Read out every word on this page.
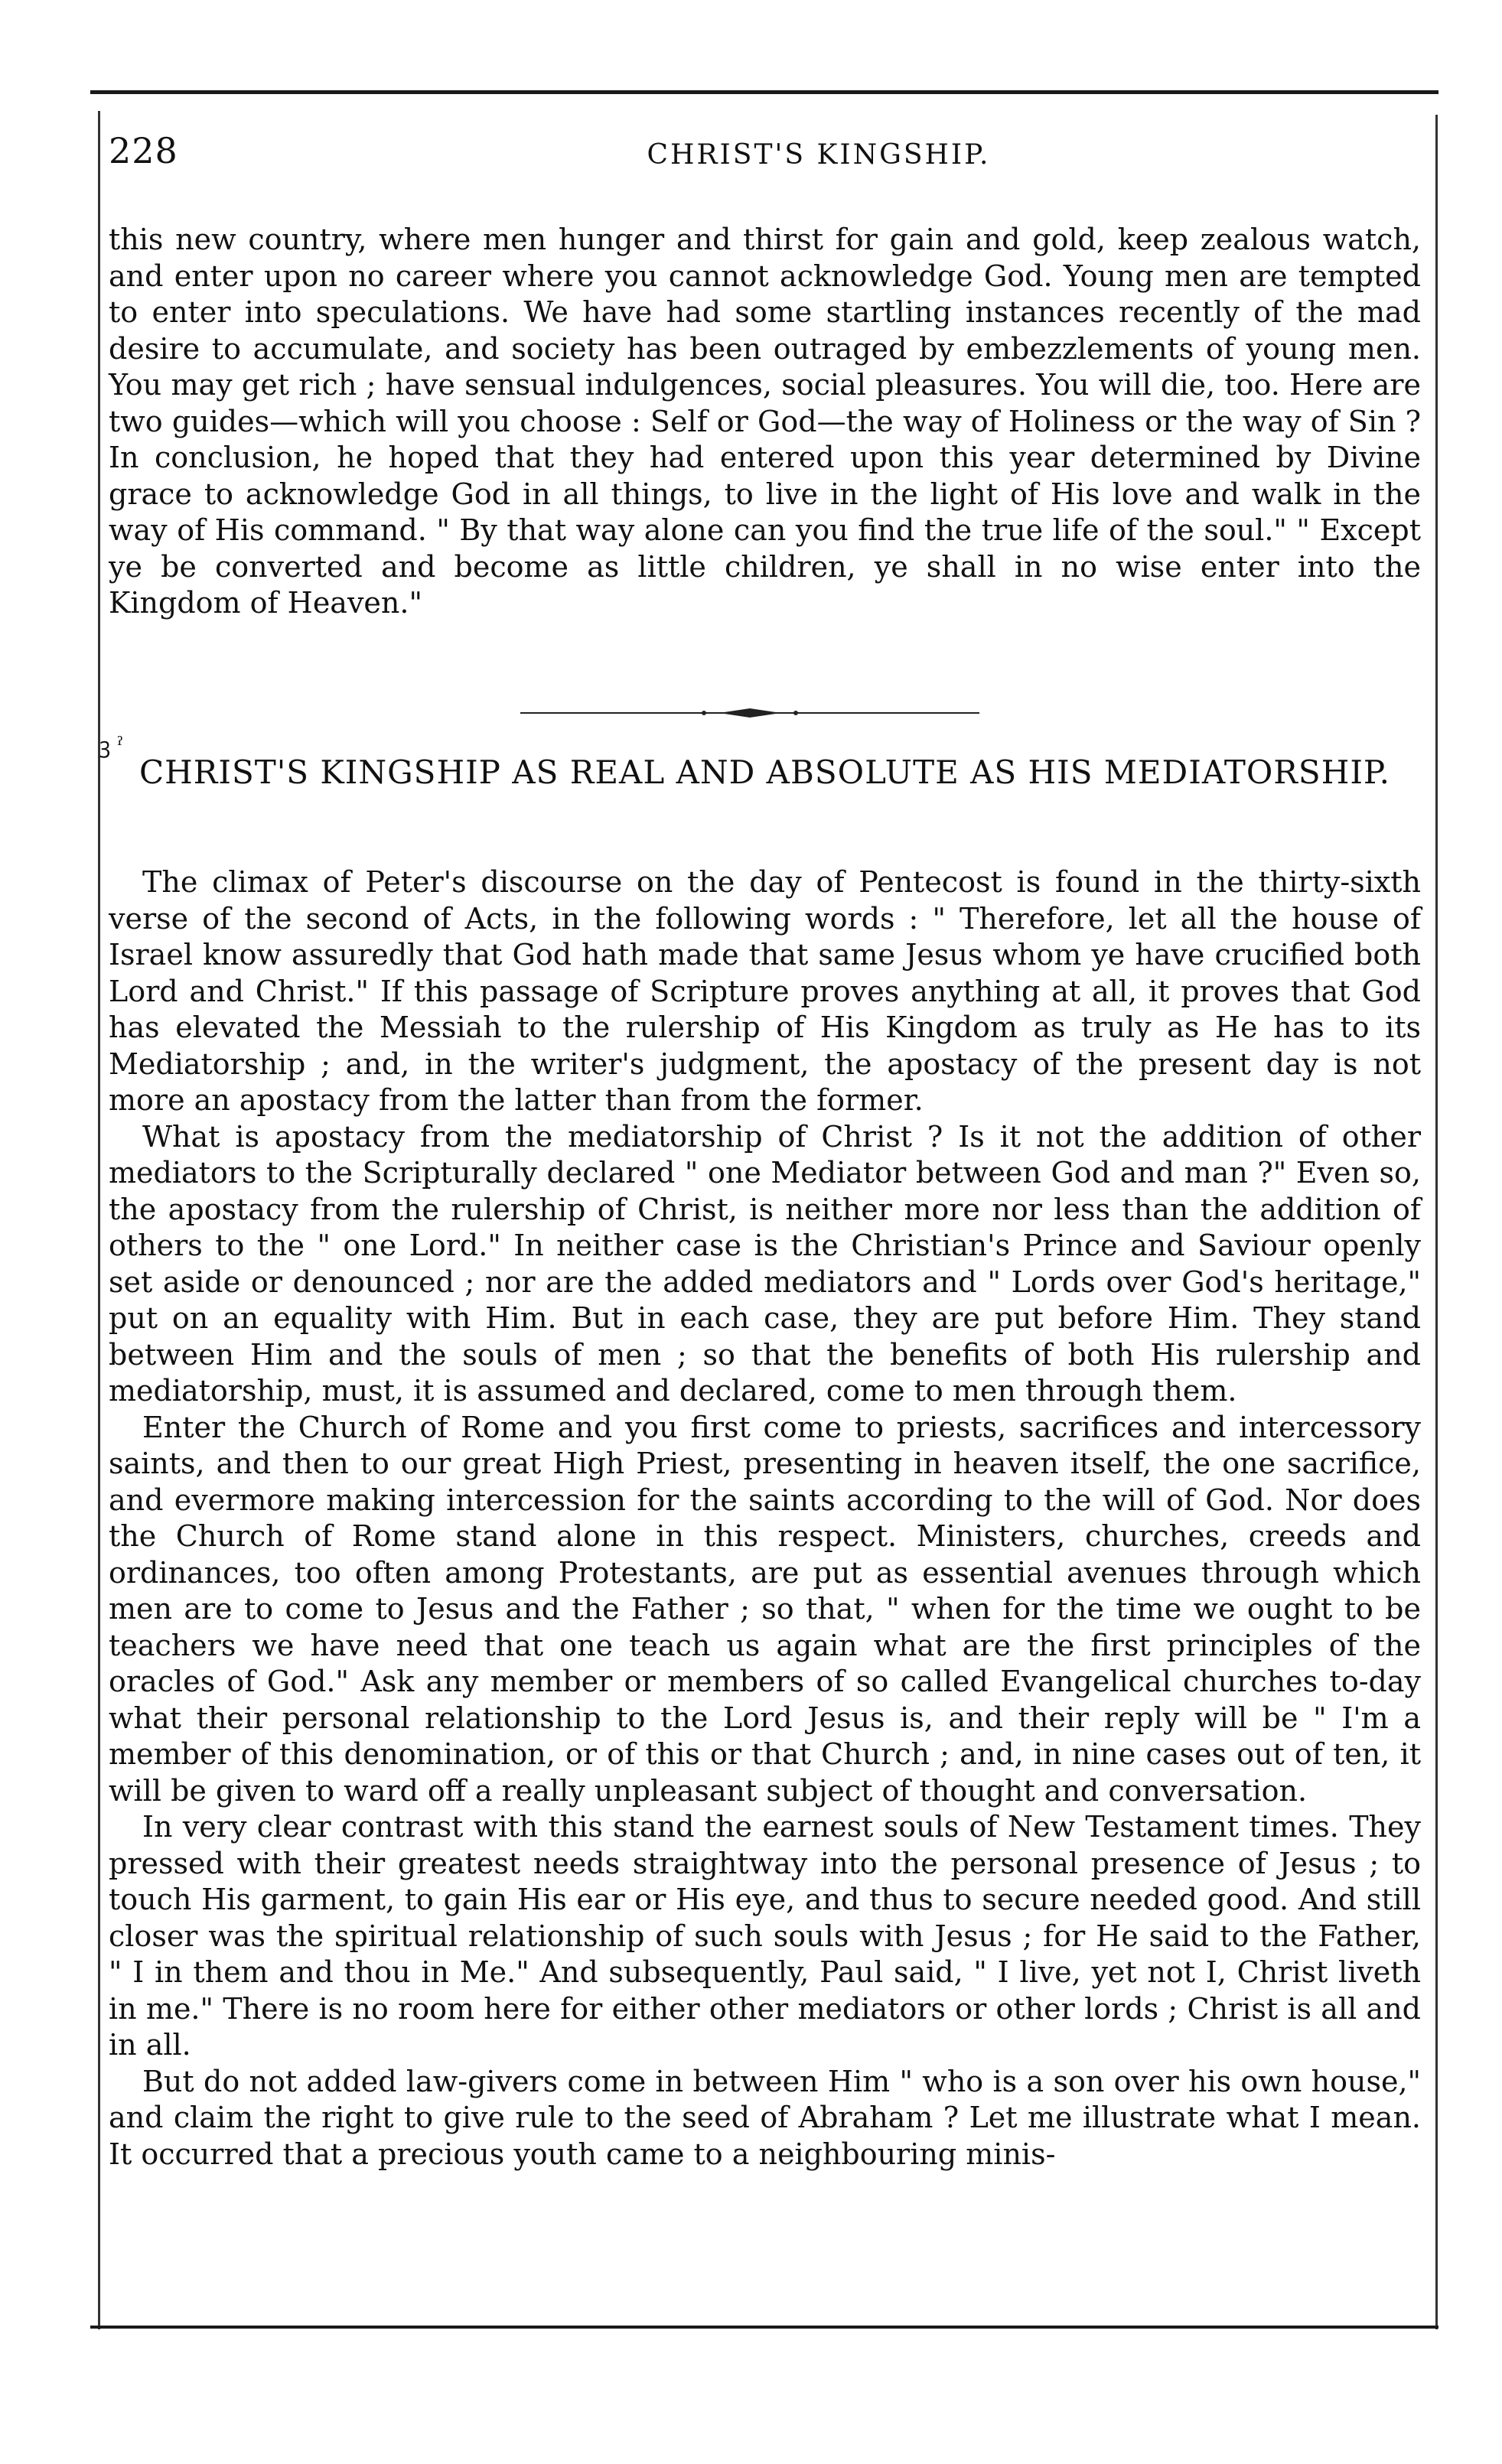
228	CHRIST'S KINGSHIP.

this new country, where men hunger and thirst for gain and gold, keep zealous watch, and enter upon no career where you cannot acknowledge God. Young men are tempted to enter into speculations. We have had some startling instances recently of the mad desire to accumulate, and society has been outraged by embezzlements of young men. You may get rich ; have sensual indulgences, social pleasures. You will die, too. Here are two guides—which will you choose : Self or God—the way of Holiness or the way of Sin ? In conclusion, he hoped that they had entered upon this year determined by Divine grace to acknowledge God in all things, to live in the light of His love and walk in the way of His command. " By that way alone can you find the true life of the soul." " Except ye be converted and become as little children, ye shall in no wise enter into the Kingdom of Heaven."

ꝫ ˀ
CHRIST'S KINGSHIP AS REAL AND ABSOLUTE AS HIS MEDIATORSHIP.

The climax of Peter's discourse on the day of Pentecost is found in the thirty-sixth verse of the second of Acts, in the following words : " Therefore, let all the house of Israel know assuredly that God hath made that same Jesus whom ye have crucified both Lord and Christ." If this passage of Scripture proves anything at all, it proves that God has elevated the Messiah to the rulership of His Kingdom as truly as He has to its Mediatorship ; and, in the writer's judgment, the apostacy of the present day is not more an apostacy from the latter than from the former.

What is apostacy from the mediatorship of Christ ? Is it not the addition of other mediators to the Scripturally declared " one Mediator between God and man ?" Even so, the apostacy from the rulership of Christ, is neither more nor less than the addition of others to the " one Lord." In neither case is the Christian's Prince and Saviour openly set aside or denounced ; nor are the added mediators and " Lords over God's heritage," put on an equality with Him. But in each case, they are put before Him. They stand between Him and the souls of men ; so that the benefits of both His rulership and mediatorship, must, it is assumed and declared, come to men through them.

Enter the Church of Rome and you first come to priests, sacrifices and intercessory saints, and then to our great High Priest, presenting in heaven itself, the one sacrifice, and evermore making intercession for the saints according to the will of God. Nor does the Church of Rome stand alone in this respect. Ministers, churches, creeds and ordinances, too often among Protestants, are put as essential avenues through which men are to come to Jesus and the Father ; so that, " when for the time we ought to be teachers we have need that one teach us again what are the first principles of the oracles of God." Ask any member or members of so called Evangelical churches to-day what their personal relationship to the Lord Jesus is, and their reply will be " I'm a member of this denomination, or of this or that Church ; and, in nine cases out of ten, it will be given to ward off a really unpleasant subject of thought and conversation.

In very clear contrast with this stand the earnest souls of New Testament times. They pressed with their greatest needs straightway into the personal presence of Jesus ; to touch His garment, to gain His ear or His eye, and thus to secure needed good. And still closer was the spiritual relationship of such souls with Jesus ; for He said to the Father, " I in them and thou in Me." And subsequently, Paul said, " I live, yet not I, Christ liveth in me." There is no room here for either other mediators or other lords ; Christ is all and in all.

But do not added law-givers come in between Him " who is a son over his own house," and claim the right to give rule to the seed of Abraham ? Let me illustrate what I mean. It occurred that a precious youth came to a neighbouring minis-
